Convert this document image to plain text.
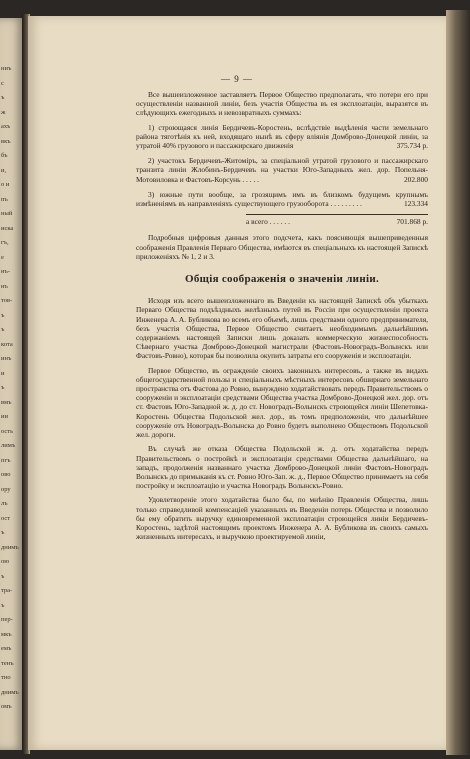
ниъ
с
ъ
ж
ахъ
вкъ
бъ
и,
о и
пъ
ный
иска
гъ,
е
нъ-
нъ
тов-
ъ
ъ
кота
инъ
и
ъ
вмъ
ии
ость
лимъ
пгъ
ово
ору
лъ
ост
ъ
днимъ
ою
ъ
тра-
ъ
пер-
мкъ
емъ
тенъ
тно
днимъ
омъ
— 9 —

Все вышеизложенное заставляетъ Первое Общество предполагать, что потери его при осуществленіи названной линіи, безъ участія Общества въ ея эксплоатаціи, выразятся въ слѣдующихъ ежегодныхъ и невозвратныхъ суммахъ:

1) строющаяся линія Бердичевъ-Коростень, вслѣдствіе выдѣленія части земельнаго района тяготѣнія къ ней, входящаго нынѣ въ сферу вліянія Домброво-Донецкой линіи, за утратой 40% грузового и пассажирскаго движенія	375.734 р.
2) участокъ Бердичевъ-Житоміръ, за спеціальной утратой грузового и пассажирскаго транзита линіи Жлобинъ-Бердичевъ на участки Юго-Западныхъ жел. дор. Попельня-Мотовиловка и Фастовъ-Корсунь . . . . .	202.800
3) южные пути вообще, за грозящимъ имъ въ близкомъ будущемъ крупнымъ измѣненіямъ въ направленіяхъ существующего грузооборота . . . . . . . . .	123.334
а всего . . . . . .	701.868 р.

Подробныя цифровыя данныя этого подсчета, какъ поясняющія вышеприведенныя соображенія Правленія Перваго Общества, имѣются въ спеціальныхъ къ настоящей Запискѣ приложеніяхъ № 1, 2 и 3.

Общія соображенія о значеніи линіи.

Исходя изъ всего вышеизложеннаго въ Введеніи къ настоящей Запискѣ объ убыткахъ Перваго Общества подъѣздныхъ желѣзныхъ путей въ Россіи при осуществленіи проекта Инженера А. А. Бубликова во всемъ его объемѣ, лишь средствами одного предпринимателя, безъ участія Общества, Первое Общество считаетъ необходимымъ дальнѣйшимъ содержаніемъ настоящей Записки лишь доказать коммерческую жизнеспособность Сѣвернаго участка Домброво-Донецкой магистрали (Фастовъ-Новоградъ-Волынскъ или Фастовъ-Ровно), которая бы позволила окупить затраты его сооруженія и эксплоатаціи.

Первое Общество, въ огражденіе своихъ законныхъ интересовъ, а также въ видахъ общегосударственной пользы и спеціальныхъ мѣстныхъ интересовъ обширнаго земельнаго пространства отъ Фастова до Ровно, вынуждено ходатайствовать передъ Правительствомъ о сооруженіи и эксплоатаціи средствами Общества участка Домброво-Донецкой жел. дор. отъ ст. Фастовъ Юго-Западной ж. д. до ст. Новоградъ-Волынскъ строющейся линіи Шепетовка-Коростень Общества Подольской жел. дор., въ томъ предположеніи, что дальнѣйшее сооруженіе отъ Новоградъ-Волынска до Ровно будетъ выполнено Обществомъ Подольской жел. дороги.

Въ случаѣ же отказа Общества Подольской ж. д. отъ ходатайства передъ Правительствомъ о постройкѣ и эксплоатаціи средствами Общества дальнѣйшаго, на западъ, продолженія названнаго участка Домброво-Донецкой линіи Фастовъ-Новоградъ Волынскъ до примыканія къ ст. Ровно Юго-Зап. ж. д., Первое Общество принимаетъ на себя постройку и эксплоатацію и участка Новоградъ Волынскъ-Ровно.

Удовлетвореніе этого ходатайства было бы, по мнѣнію Правленія Общества, лишь только справедливой компенсаціей указанныхъ въ Введеніи потерь Общества и позволило бы ему обратить выручку единовременной эксплоатаціи строющейся линіи Бердичевъ-Коростень, задѣтой настоящимъ проектомъ Инженера А. А. Бубликова въ своихъ самыхъ жизненныхъ интересахъ, и выручкою проектируемой линіи,
